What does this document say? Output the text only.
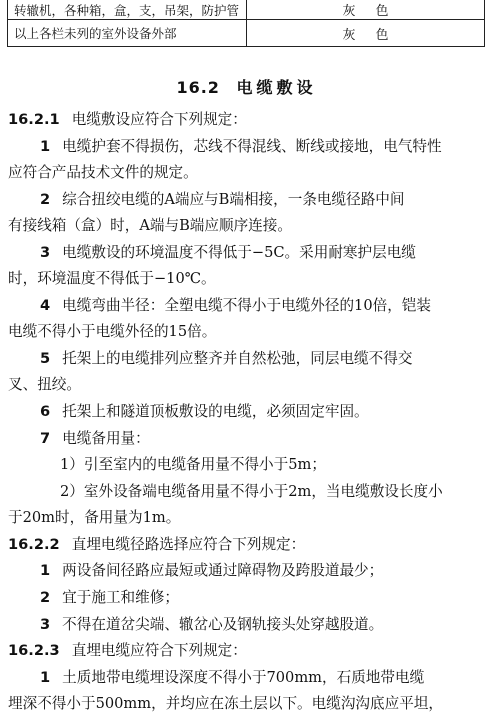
转辙机，各种箱，盒，支，吊架，防护管	灰色
以上各栏未列的室外设备外部	灰色
16.2 电缆敷设
16.2.1 电缆敷设应符合下列规定：
1 电缆护套不得损伤，芯线不得混线、断线或接地，电气特性
应符合产品技术文件的规定。
2 综合扭绞电缆的A端应与B端相接，一条电缆径路中间
有接线箱（盒）时，A端与B端应顺序连接。
3 电缆敷设的环境温度不得低于−5C。采用耐寒护层电缆
时，环境温度不得低于−10℃。
4 电缆弯曲半径：全塑电缆不得小于电缆外径的10倍，铠装
电缆不得小于电缆外径的15倍。
5 托架上的电缆排列应整齐并自然松弛，同层电缆不得交
叉、扭绞。
6 托架上和隧道顶板敷设的电缆，必须固定牢固。
7 电缆备用量：
1）引至室内的电缆备用量不得小于5m；
2）室外设备端电缆备用量不得小于2m，当电缆敷设长度小
于20m时，备用量为1m。
16.2.2 直埋电缆径路选择应符合下列规定：
1 两设备间径路应最短或通过障碍物及跨股道最少；
2 宜于施工和维修；
3 不得在道岔尖端、辙岔心及钢轨接头处穿越股道。
16.2.3 直埋电缆应符合下列规定：
1 土质地带电缆埋设深度不得小于700mm，石质地带电缆
埋深不得小于500mm，并均应在冻土层以下。电缆沟沟底应平坦，
